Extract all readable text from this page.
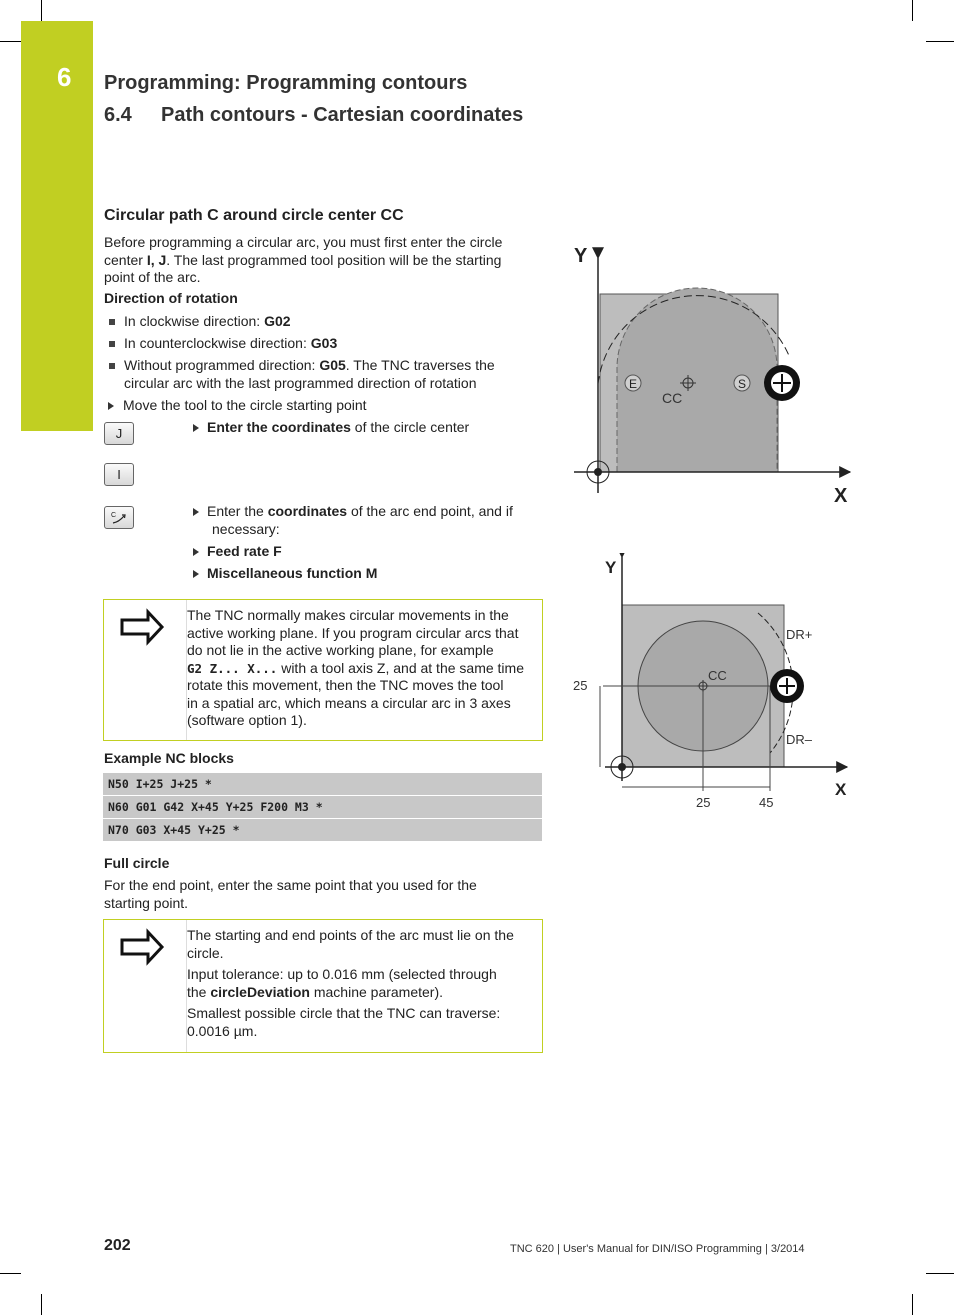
6 Programming: Programming contours
6.4 Path contours - Cartesian coordinates
Circular path C around circle center CC
Before programming a circular arc, you must first enter the circle
center I, J. The last programmed tool position will be the starting
point of the arc.
Direction of rotation
In clockwise direction: G02
In counterclockwise direction: G03
Without programmed direction: G05. The TNC traverses the
circular arc with the last programmed direction of rotation
Move the tool to the circle starting point
J
I
C
Enter the coordinates of the circle center
Enter the coordinates of the arc end point, and if
necessary:
Feed rate F
Miscellaneous function M
The TNC normally makes circular movements in the
active working plane. If you program circular arcs that
do not lie in the active working plane, for example
G2 Z... X... with a tool axis Z, and at the same time
rotate this movement, then the TNC moves the tool
in a spatial arc, which means a circular arc in 3 axes
(software option 1).
Example NC blocks
N50 I+25 J+25 *
N60 G01 G42 X+45 Y+25 F200 M3 *
N70 G03 X+45 Y+25 *
Full circle
For the end point, enter the same point that you used for the
starting point.
The starting and end points of the arc must lie on the
circle.
Input tolerance: up to 0.016 mm (selected through
the circleDeviation machine parameter).
Smallest possible circle that the TNC can traverse:
0.0016 µm.
Y
X
E	S
CC
Y
X
CC
DR+
DR–
25
25	45
202	TNC 620 | User's Manual for DIN/ISO Programming | 3/2014
